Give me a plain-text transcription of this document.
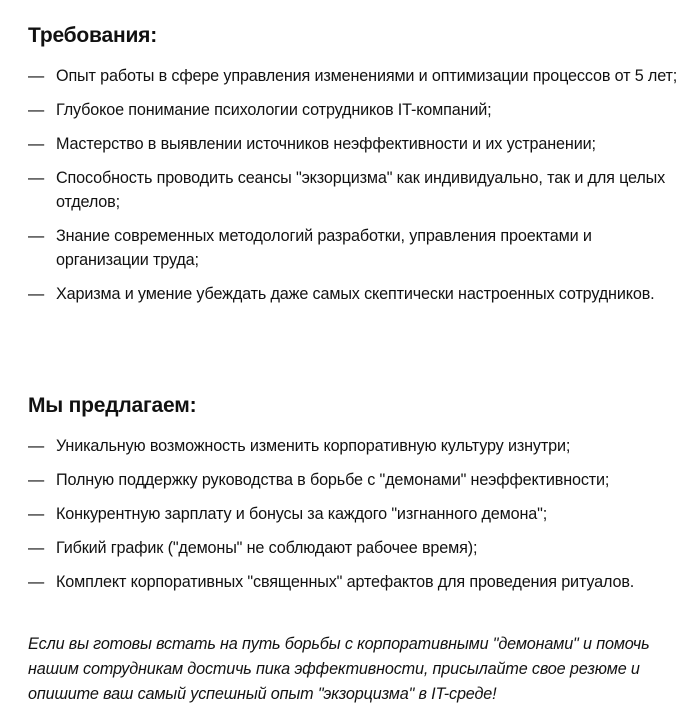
Требования:
— Опыт работы в сфере управления изменениями и оптимизации процессов от 5 лет;
— Глубокое понимание психологии сотрудников IT-компаний;
— Мастерство в выявлении источников неэффективности и их устранении;
— Способность проводить сеансы "экзорцизма" как индивидуально, так и для целых отделов;
— Знание современных методологий разработки, управления проектами и организации труда;
— Харизма и умение убеждать даже самых скептически настроенных сотрудников.
Мы предлагаем:
— Уникальную возможность изменить корпоративную культуру изнутри;
— Полную поддержку руководства в борьбе с "демонами" неэффективности;
— Конкурентную зарплату и бонусы за каждого "изгнанного демона";
— Гибкий график ("демоны" не соблюдают рабочее время);
— Комплект корпоративных "священных" артефактов для проведения ритуалов.

Если вы готовы встать на путь борьбы с корпоративными "демонами" и помочь нашим сотрудникам достичь пика эффективности, присылайте свое резюме и опишите ваш самый успешный опыт "экзорцизма" в IT-среде!
